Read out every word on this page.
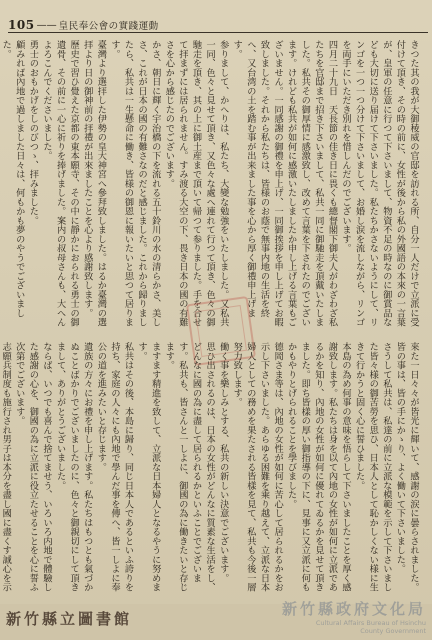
105 —— 皇民奉公會の實踐運動

きつた其の我が大御稜威の官邸を訪れる所、自分一人だけで立派に受付けて頂き、その時の前に、女性が後から私の外國語の本來の一言葉が、皇軍の任意に行つて下さいまして、物資不足の時なのに御賞品なども大切に送り届けて下さいました。私たちかさないようにして、リンゴを一つ一つ分けて下さいまして、お婚し涙を流しながら、リンゴを両手にいただき別れを惜しんだのでございます。

四月二十九日　天長節の佳き日に畏くも總督閣下御夫人がわざわざ私たちを官邸まで招き下さいまして、私共一同に御馳走を頂戴いたしました。私共その御厚情に感激致し、改めて言葉を下されたのでございます。けれども私共が如何に感激いたしましたか申し上げる言葉もございません。一同感謝の御禮を申上げ、一同御挨拶を申し上げてお暇致しました。それから私たちは、皆様のお蔭で無事内地の生活を終へ、又台湾の土を踏む事が出来ました事を心から厚く御禮申上げます。

参りまして、かへりは、私たち、大變な勉強をいたしました。又私共一同、色々と見せて頂き、又色々な處へ連れて行つて頂き、色々の御馳走を頂き、其の上に御土産まで頂いて帰つて参りました。手を合せて拝まずには居られません。すみ渡る大空の下、畏き日本の國の有難さを心から感じたのでございます。

かさ、朝日に輝く宇治橋の下を流れる五十鈴川の水の清らかさ、美しさ、これが日本の國の有難さなのだと感じました。これから歸りましたら、私共は一生懸命に働き、皆様の御恩に報いたいと思つて居ります。

臺灣より選拝した伊勢の皇大神宮へ參拜致しました。はるか臺灣の選拝より日の御神前の拝禮が出來ましたことを心より感謝致します。

歷史で習ひ覺えた京都の東本願寺、その中に靜かにおられる勇士の御遺骨、その前に一心に祈りを捧げました。案内の叔母さんも、大へんよろこんでくださいました。

勇士のおもかげをしのびつゝ、拝みました。

顧みれば內地で過しました日々は、何もかも夢のやうでございました。

來た一日々々が皆光に輝いて、感謝の涙に曇らされました。皆の事は、皆の手にかゝり、よく働いて下さいました。

さうして私共は、私達の前に立派な模範を示して下さいました皆々様の御苦勞を思ひ、日本人として恥かしくない様に生きて行かうと固く心に誓ひました。

本島の為め何事の意味を悟らして下さいましたことを厚く感謝致します。私たちは身を以て內地の女性が如何に立派であるかを知り、內地の女性が如何に優れてゐるかを見せて頂きました。即ち皆樣の厚い御指導の下に、見事に又立派に何もかもやりとげられることを學びました。

德岡さま等は、內地の女性が如何に苦心して居られるかをお示し下さいました。あらゆる困難を乘り越えて、立派な日本婦人としての務めを果たされる皆樣を見て、私共も今後一層努力致します。

働く事を樂しみとする、私共の新しい決意でございます。

思ひ出されるのは、日本の女性がどんなに質素な生活をし、どんなに國の為に盡して居られるかといふことでございます。私共も、皆さんと一しよに、御國の為に働きたいと存じます。

ますます精進を致して、立派な日本婦人となるやうに努めます。

私共はその後、本島に歸り、同じ日本人であるといふ誇りを持ち、家庭の人々にも內地で學んだ事を傳へ、皆一しよに奉公の道を進みたいと存じます。

遺族の方々にお禮を申し上げます。私たちはもつとも氣づかぬことばかりでございましたのに、色々と御親切にして頂きまして、ありがとうございました。

ならば、いつでも喜んで捨てませう、いろいろ内地で體驗した感謝の心を、御國の為に立派に役立たせることを心に誓ふ次第でございます。

志願兵制度も施行され男子は本分を盡し國に盡くす誠心を示

新竹縣立圖書館
新竹縣政府文化局
Cultural Affairs Bureau of Hsinchu
County Government
